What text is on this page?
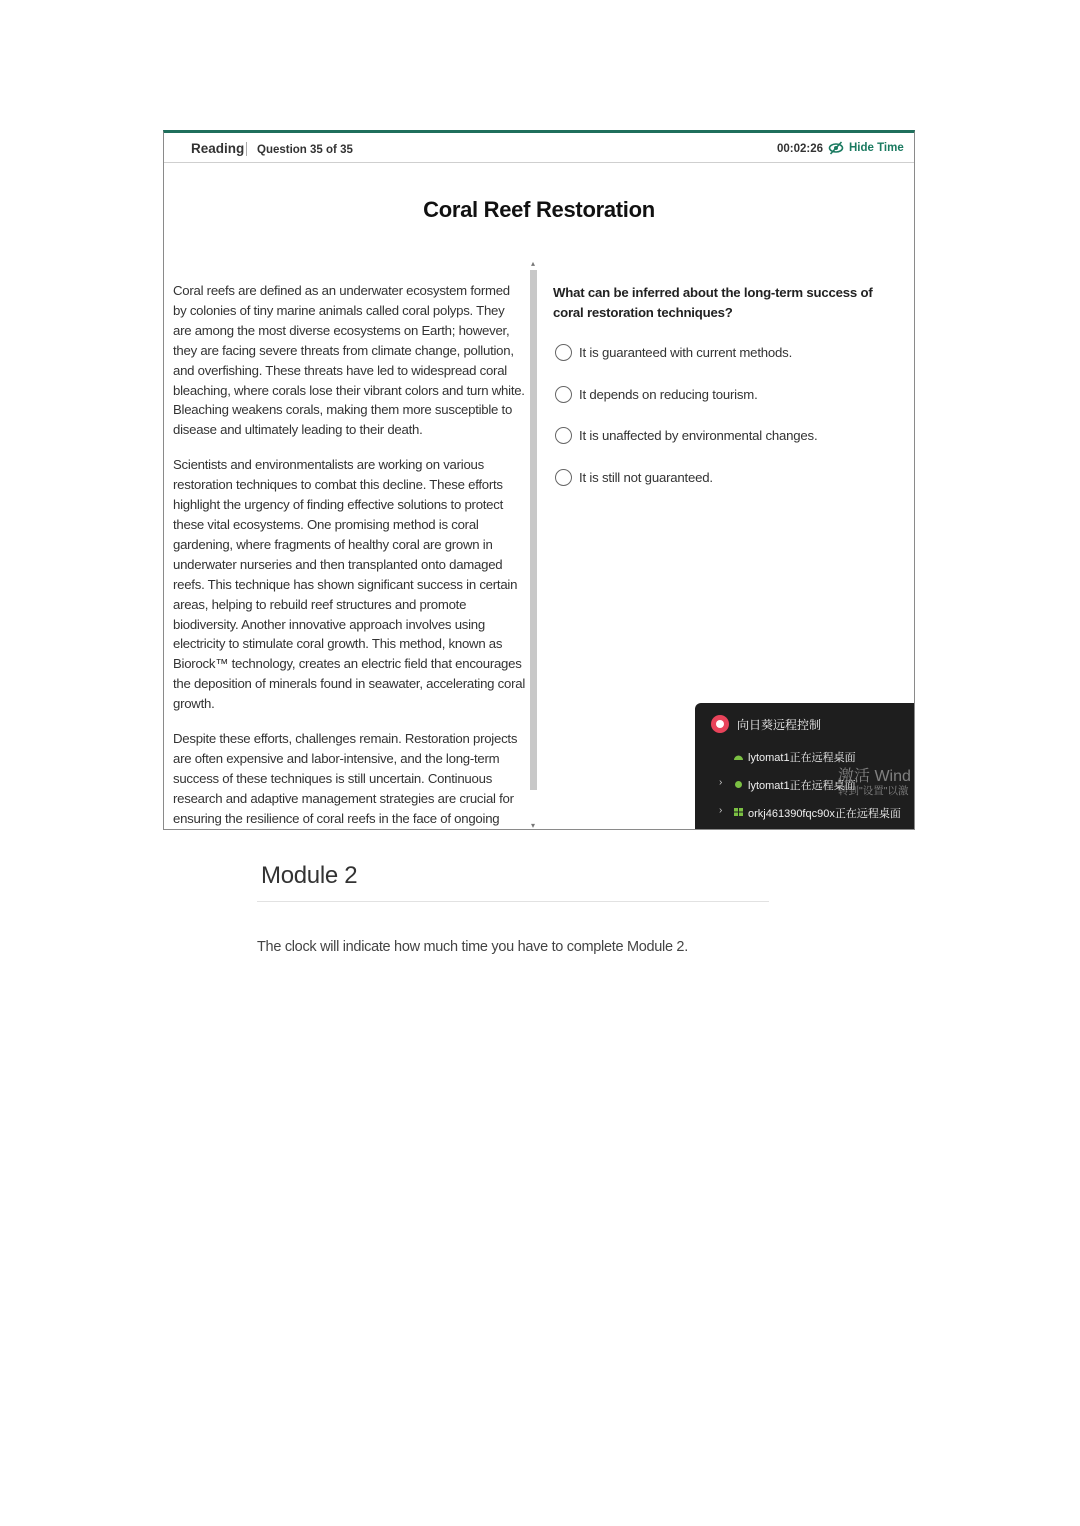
Reading Question 35 of 35	00:02:26 Hide Time
Coral Reef Restoration

Coral reefs are defined as an underwater ecosystem formed by colonies of tiny marine animals called coral polyps. They are among the most diverse ecosystems on Earth; however, they are facing severe threats from climate change, pollution, and overfishing. These threats have led to widespread coral bleaching, where corals lose their vibrant colors and turn white. Bleaching weakens corals, making them more susceptible to disease and ultimately leading to their death.

Scientists and environmentalists are working on various restoration techniques to combat this decline. These efforts highlight the urgency of finding effective solutions to protect these vital ecosystems. One promising method is coral gardening, where fragments of healthy coral are grown in underwater nurseries and then transplanted onto damaged reefs. This technique has shown significant success in certain areas, helping to rebuild reef structures and promote biodiversity. Another innovative approach involves using electricity to stimulate coral growth. This method, known as Biorock™ technology, creates an electric field that encourages the deposition of minerals found in seawater, accelerating coral growth.

Despite these efforts, challenges remain. Restoration projects are often expensive and labor-intensive, and the long-term success of these techniques is still uncertain. Continuous research and adaptive management strategies are crucial for ensuring the resilience of coral reefs in the face of ongoing

▴
▾
What can be inferred about the long-term success of coral restoration techniques?
It is guaranteed with current methods.
It depends on reducing tourism.
It is unaffected by environmental changes.
It is still not guaranteed.
向日葵远程控制
lytomat1正在远程桌面
› lytomat1正在远程桌面
› orkj461390fqc90x正在远程桌面
激活 Wind
转到"设置"以激
Module 2
The clock will indicate how much time you have to complete Module 2.
